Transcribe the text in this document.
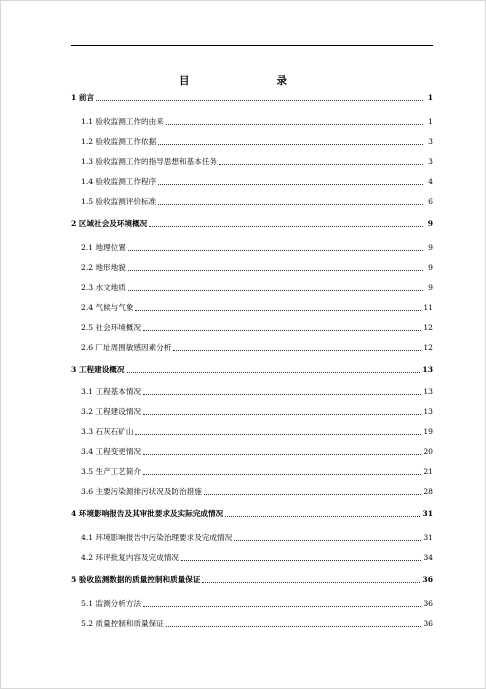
目　　录
1 前言	1
1.1 验收监测工作的由来	1
1.2 验收监测工作依据	3
1.3 验收监测工作的指导思想和基本任务	3
1.4 验收监测工作程序	4
1.5 验收监测评价标准	6
2 区域社会及环境概况	9
2.1 地理位置	9
2.2 地形地貌	9
2.3 水文地质	9
2.4 气候与气象	11
2.5 社会环境概况	12
2.6 厂址周围敏感因素分析	12
3 工程建设概况	13
3.1 工程基本情况	13
3.2 工程建设情况	13
3.3 石灰石矿山	19
3.4 工程变更情况	20
3.5 生产工艺简介	21
3.6 主要污染源排污状况及防治措施	28
4 环境影响报告及其审批要求及实际完成情况	31
4.1 环境影响报告中污染治理要求及完成情况	31
4.2 环评批复内容及完成情况	34
5 验收监测数据的质量控制和质量保证	36
5.1 监测分析方法	36
5.2 质量控制和质量保证	36
